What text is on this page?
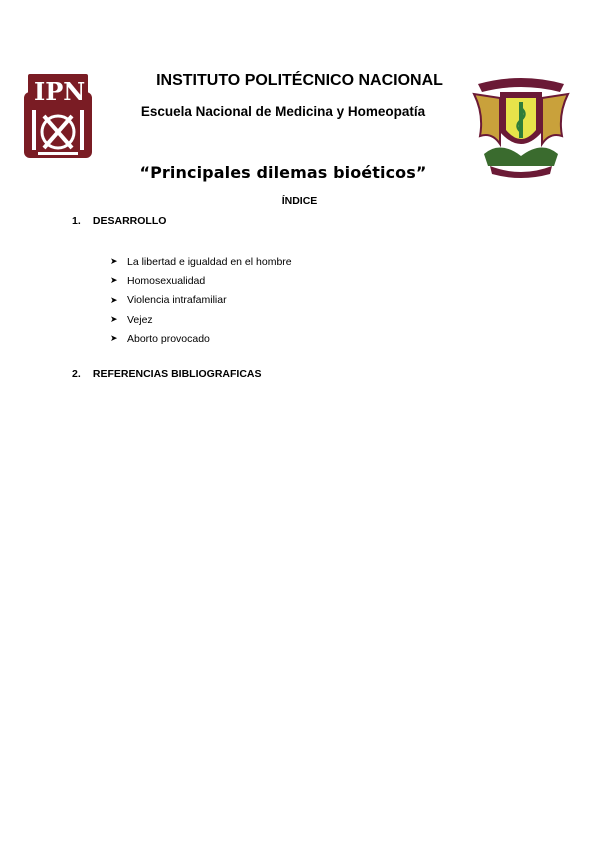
IPN	INSTITUTO POLITÉCNICO NACIONAL
Escuela Nacional de Medicina y Homeopatía
“Principales dilemas bioéticos”
ÍNDICE
1. DESARROLLO
➤ La libertad e igualdad en el hombre
➤ Homosexualidad
➤ Violencia intrafamiliar
➤ Vejez
➤ Aborto provocado
2. REFERENCIAS BIBLIOGRAFICAS
